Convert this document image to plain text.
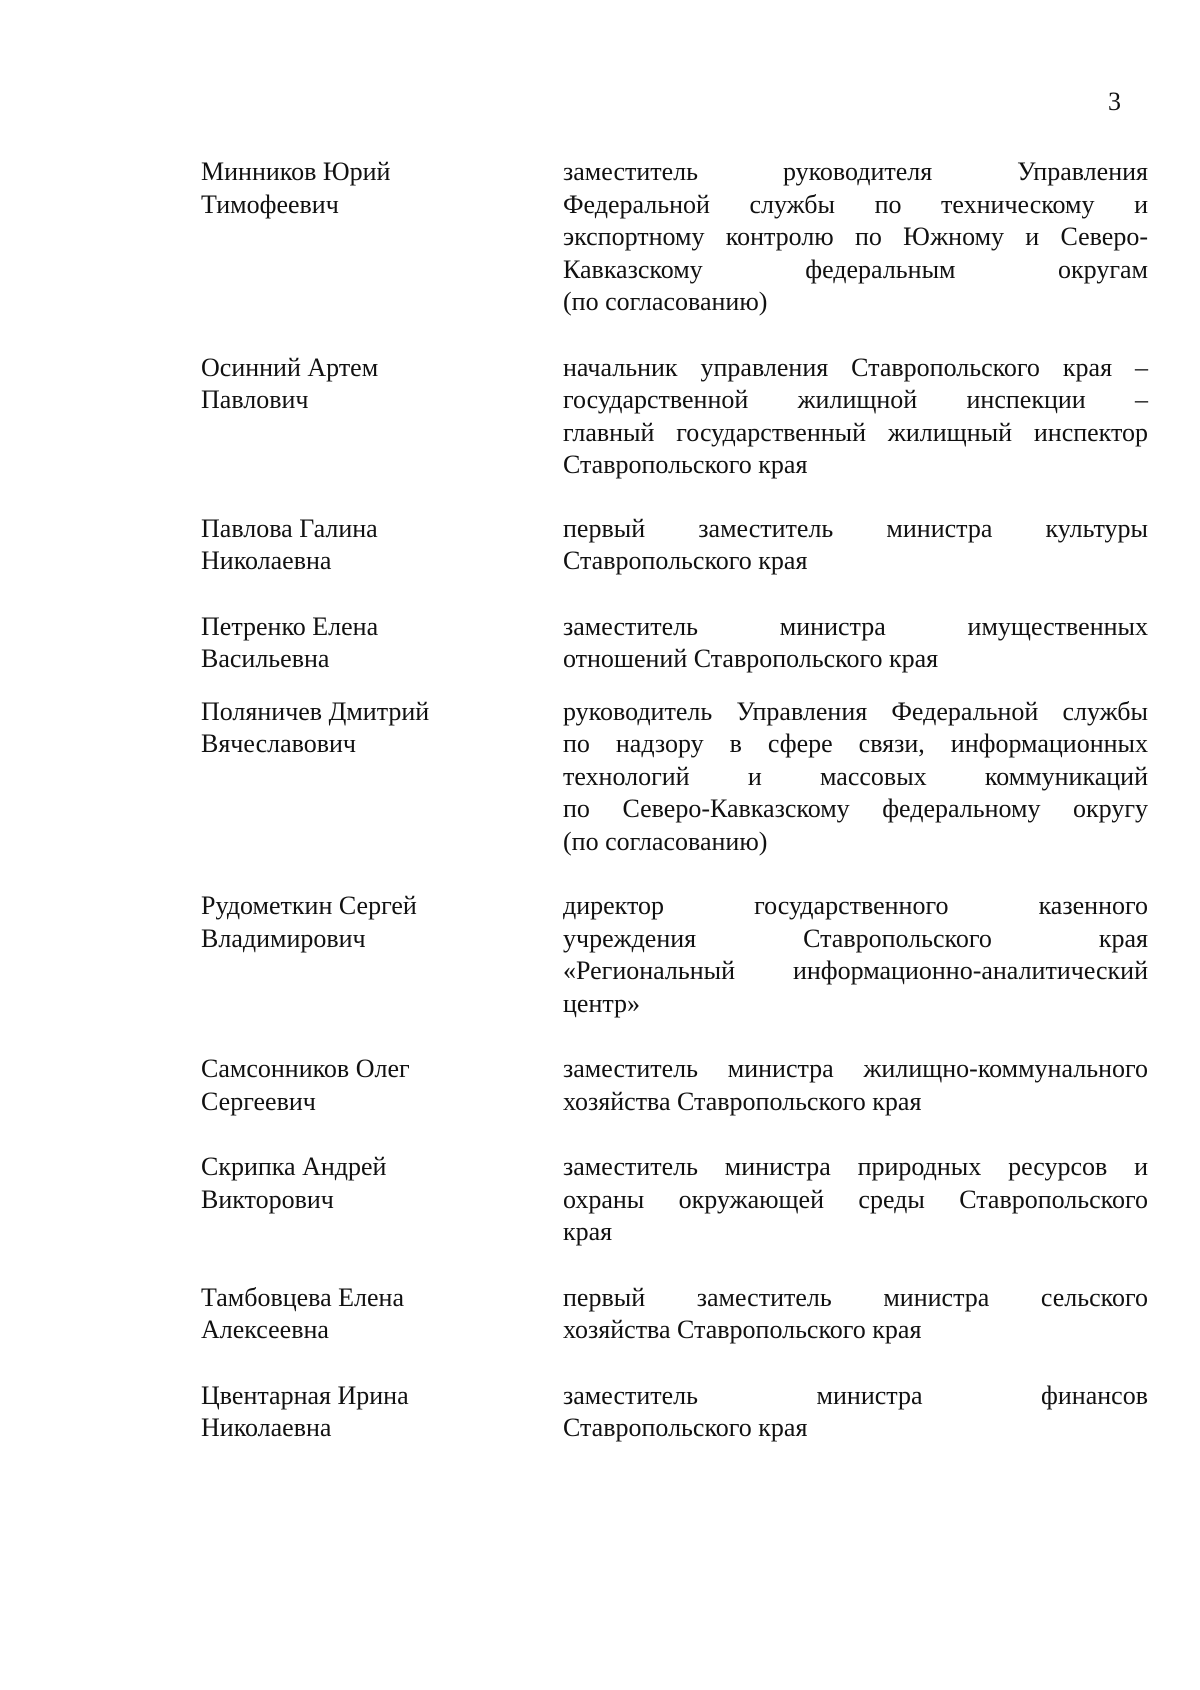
3
Минников Юрий
Тимофеевич
заместитель руководителя Управления
Федеральной службы по техническому и
экспортному контролю по Южному и Северо-
Кавказскому федеральным округам
(по согласованию)
Осинний Артем
Павлович
начальник управления Ставропольского края –
государственной жилищной инспекции –
главный государственный жилищный инспектор
Ставропольского края
Павлова Галина
Николаевна
первый заместитель министра культуры
Ставропольского края
Петренко Елена
Васильевна
заместитель министра имущественных
отношений Ставропольского края
Поляничев Дмитрий
Вячеславович
руководитель Управления Федеральной службы
по надзору в сфере связи, информационных
технологий и массовых коммуникаций
по Северо-Кавказскому федеральному округу
(по согласованию)
Рудометкин Сергей
Владимирович
директор государственного казенного
учреждения Ставропольского края
«Региональный информационно-аналитический
центр»
Самсонников Олег
Сергеевич
заместитель министра жилищно-коммунального
хозяйства Ставропольского края
Скрипка Андрей
Викторович
заместитель министра природных ресурсов и
охраны окружающей среды Ставропольского
края
Тамбовцева Елена
Алексеевна
первый заместитель министра сельского
хозяйства Ставропольского края
Цвентарная Ирина
Николаевна
заместитель министра финансов
Ставропольского края
